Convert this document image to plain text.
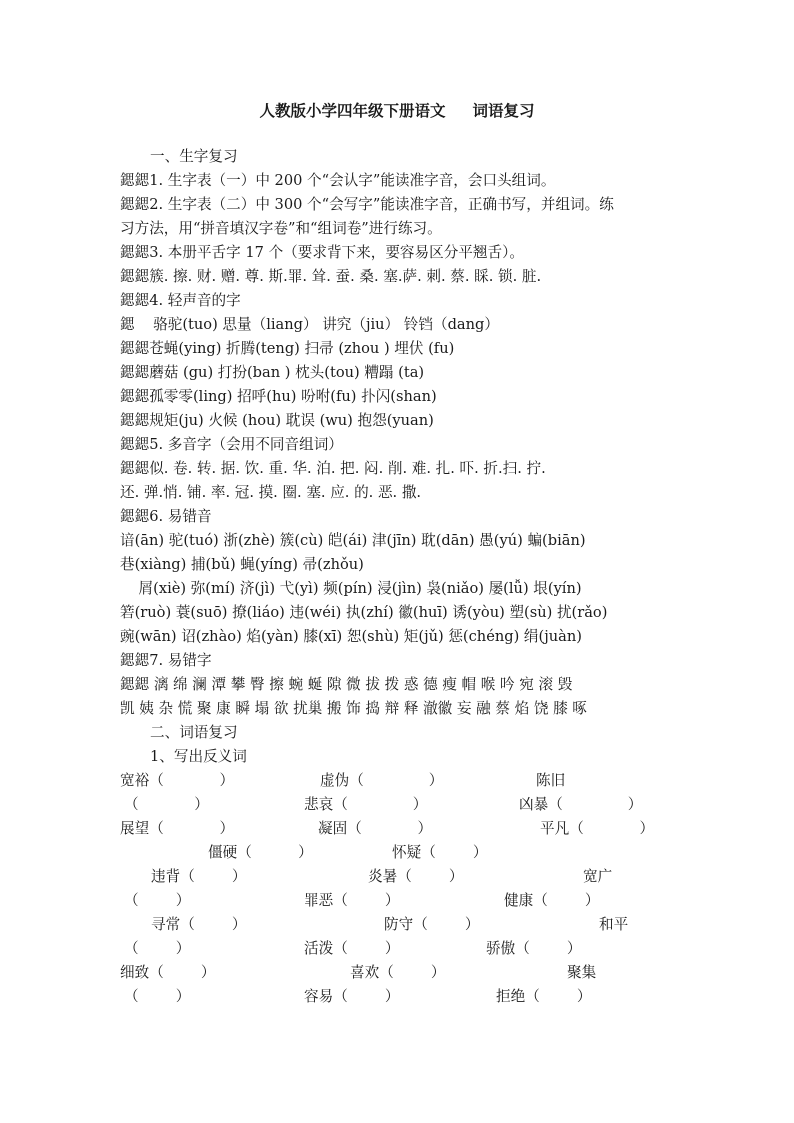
人教版小学四年级下册语文     词语复习
一、生字复习
鍶鍶1. 生字表（一）中 200 个“会认字”能读准字音，会口头组词。
鍶鍶2. 生字表（二）中 300 个“会写字”能读准字音，正确书写，并组词。练
习方法，用“拼音填汉字卷”和“组词卷”进行练习。
鍶鍶3. 本册平舌字 17 个（要求背下来，要容易区分平翘舌）。
鍶鍶簇. 擦. 财. 赠. 尊. 斯.罪. 耸. 蚕. 桑. 塞.萨. 刺. 蔡. 睬. 锁. 脏.
鍶鍶4. 轻声音的字
鍶    骆驼(tuo) 思量（liang） 讲究（jiu） 铃铛（dang）
鍶鍶苍蝇(ying) 折腾(teng) 扫帚 (zhou ) 埋伏 (fu)
鍶鍶蘑菇 (gu) 打扮(ban ) 枕头(tou) 糟蹋 (ta)
鍶鍶孤零零(ling) 招呼(hu) 吩咐(fu) 扑闪(shan)
鍶鍶规矩(ju) 火候 (hou) 耽误 (wu) 抱怨(yuan)
鍶鍶5. 多音字（会用不同音组词）
鍶鍶似. 卷. 转. 据. 饮. 重. 华. 泊. 把. 闷. 削. 难. 扎. 吓. 折.扫. 拧.
还. 弹.悄. 铺. 率. 冠. 摸. 圈. 塞. 应. 的. 恶. 撒.
鍶鍶6. 易错音
谙(ān) 驼(tuó) 浙(zhè) 簇(cù) 皑(ái) 津(jīn) 耽(dān) 愚(yú) 蝙(biān)
巷(xiàng) 捕(bǔ) 蝇(yíng) 帚(zhǒu)
屑(xiè) 弥(mí) 济(jì) 弋(yì) 频(pín) 浸(jìn) 袅(niǎo) 屡(lǚ) 垠(yín)
箬(ruò) 蓑(suō) 撩(liáo) 违(wéi) 执(zhí) 徽(huī) 诱(yòu) 塑(sù) 扰(rǎo)
豌(wān) 诏(zhào) 焰(yàn) 膝(xī) 恕(shù) 矩(jǔ) 惩(chéng) 绢(juàn)
鍶鍶7. 易错字
鍶鍶 漓 绵 澜 潭 攀 臀 擦 蜿 蜒 隙 微 拔 拨 惑 德 瘦 帽 喉 吟 宛 滚 毁
凯 姨 杂 慌 聚 康 瞬 塌 欲 扰巢 搬 饰 捣 辩 释 澈徽 妄 融 蔡 焰 饶 膝 啄
二、词语复习
1、写出反义词
宽裕（            ）	虚伪（              ）	陈旧
（            ）	悲哀（              ）	凶暴（              ）
展望（            ）	凝固（            ）	平凡（            ）
僵硬（          ）	怀疑（        ）
违背（        ）	炎暑（        ）	宽广
（        ）	罪恶（        ）	健康（        ）
寻常（        ）	防守（        ）	和平
（        ）	活泼（        ）	骄傲（        ）
细致（        ）	喜欢（        ）	聚集
（        ）	容易（        ）	拒绝（        ）
